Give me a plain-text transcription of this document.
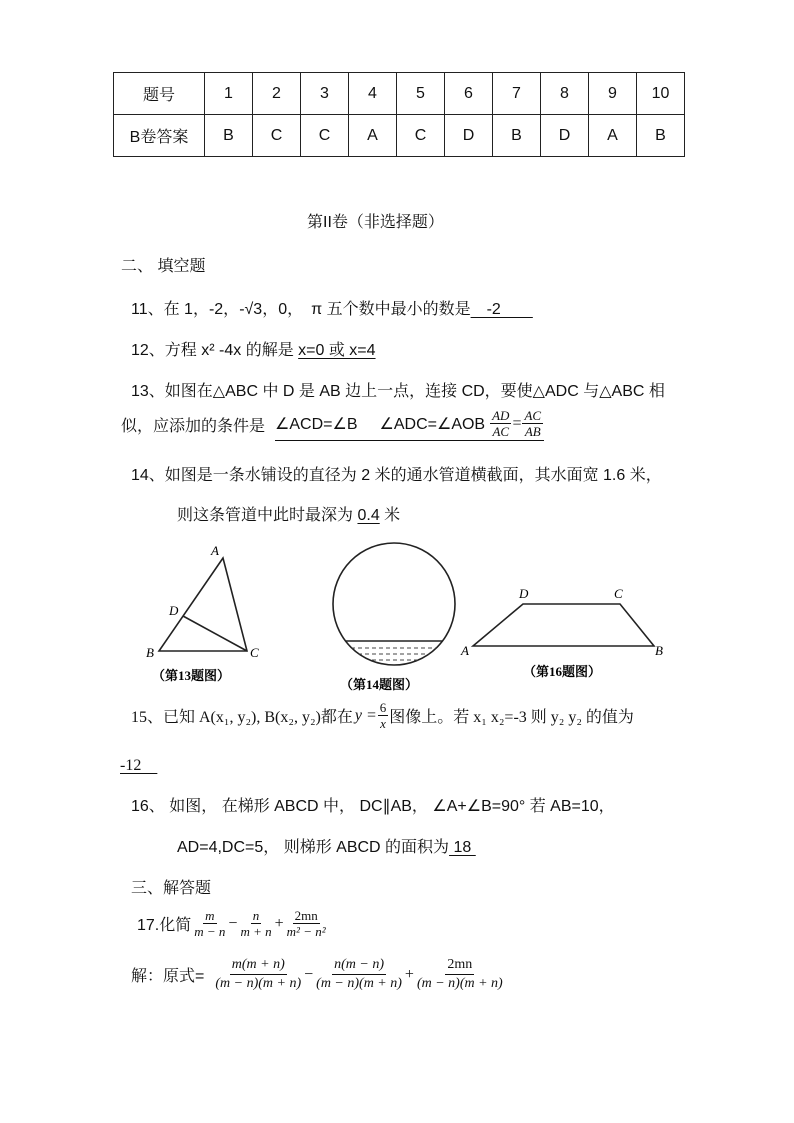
题号	1	2	3	4	5	6	7	8	9	10
B卷答案	B	C	C	A	C	D	B	D	A	B
第II卷（非选择题）
二、 填空题
11、在 1，-2，-√3，0，　π 五个数中最小的数是　-2　　
12、方程 x² -4x 的解是 x=0 或 x=4
13、如图在△ABC 中 D 是 AB 边上一点，连接 CD，要使△ADC 与△ABC 相
似，应添加的条件是 ∠ACD=∠B ∠ADC=∠AOB $\frac{AD}{AC} = \frac{AC}{AB}$
14、如图是一条水铺设的直径为 2 米的通水管道横截面，其水面宽 1.6 米，
则这条管道中此时最深为 0.4 米
A
D
B	C
（第13题图）
（第14题图）
D	C
A	B
（第16题图）
15、已知 A(x₁, y₂), B(x₂, y₂)都在 $y = \frac{6}{x}$ 图像上。若 x₁ x₂=-3 则 y₂ y₂ 的值为
-12　
16、 如图， 在梯形 ABCD 中， DC∥AB， ∠A+∠B=90° 若 AB=10，
AD=4,DC=5， 则梯形 ABCD 的面积为 18
三、解答题
17.化简 $\frac{m}{m - n} - \frac{n}{m + n} + \frac{2mn}{\text{m² − n²}}$
解：原式= $\frac{m(m + n)}{(m - n)(m + n)} - \frac{n(m - n)}{(m - n)(m + n)} + \frac{2mn}{(m - n)(m + n)}$
